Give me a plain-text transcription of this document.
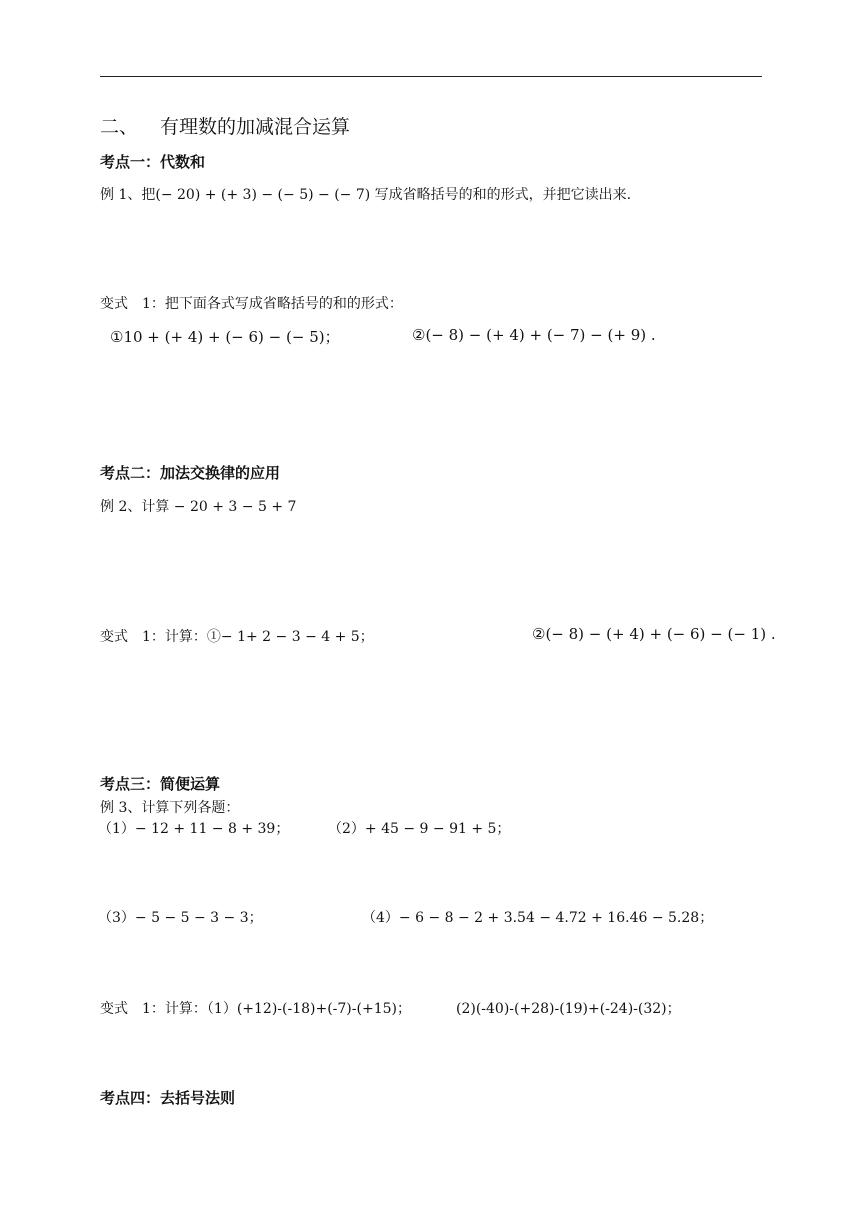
二、 有理数的加减混合运算
考点一：代数和
例 1、把(− 20) + (+ 3) − (− 5) − (− 7) 写成省略括号的和的形式，并把它读出来.
变式　1：把下面各式写成省略括号的和的形式：
①10 + (+ 4) + (− 6) − (− 5)；	②(− 8) − (+ 4) + (− 7) − (+ 9) .
考点二：加法交换律的应用
例 2、计算 − 20 + 3 − 5 + 7
变式　1：计算：①− 1+ 2 − 3 − 4 + 5；	②(− 8) − (+ 4) + (− 6) − (− 1) .
考点三：简便运算
例 3、计算下列各题：
（1）− 12 + 11 − 8 + 39；	（2）+ 45 − 9 − 91 + 5；
（3）− 5 − 5 − 3 − 3；	（4）− 6 − 8 − 2 + 3.54 − 4.72 + 16.46 − 5.28；
变式　1：计算：（1）(+12)-(-18)+(-7)-(+15)；	(2)(-40)-(+28)-(19)+(-24)-(32)；
考点四：去括号法则
